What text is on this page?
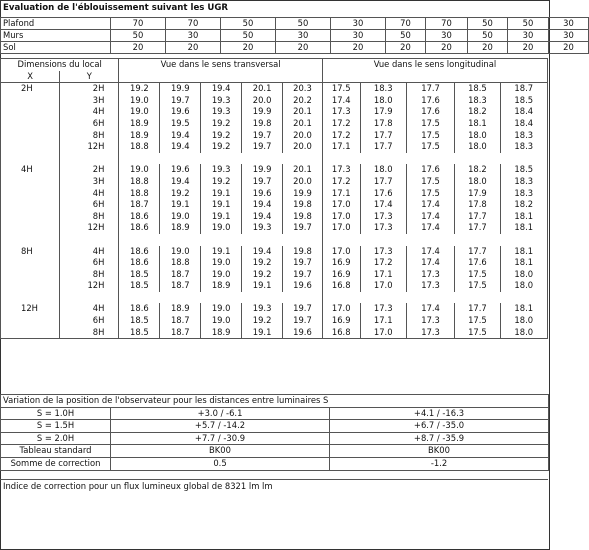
Evaluation de l'éblouissement suivant les UGR
Plafond	70	70	50	50	30	70	70	50	50	30
Murs	50	30	50	30	30	50	30	50	30	30
Sol	20	20	20	20	20	20	20	20	20	20
Dimensions du local		Vue dans le sens transversal					Vue dans le sens longitudinal				
X	Y										
2H	2H	19.2	19.9	19.4	20.1	20.3	17.5	18.3	17.7	18.5	18.7
	3H	19.0	19.7	19.3	20.0	20.2	17.4	18.0	17.6	18.3	18.5
	4H	19.0	19.6	19.3	19.9	20.1	17.3	17.9	17.6	18.2	18.4
	6H	18.9	19.5	19.2	19.8	20.1	17.2	17.8	17.5	18.1	18.4
	8H	18.9	19.4	19.2	19.7	20.0	17.2	17.7	17.5	18.0	18.3
	12H	18.8	19.4	19.2	19.7	20.0	17.1	17.7	17.5	18.0	18.3

4H	2H	19.0	19.6	19.3	19.9	20.1	17.3	18.0	17.6	18.2	18.5
	3H	18.8	19.4	19.2	19.7	20.0	17.2	17.7	17.5	18.0	18.3
	4H	18.8	19.2	19.1	19.6	19.9	17.1	17.6	17.5	17.9	18.3
	6H	18.7	19.1	19.1	19.4	19.8	17.0	17.4	17.4	17.8	18.2
	8H	18.6	19.0	19.1	19.4	19.8	17.0	17.3	17.4	17.7	18.1
	12H	18.6	18.9	19.0	19.3	19.7	17.0	17.3	17.4	17.7	18.1

8H	4H	18.6	19.0	19.1	19.4	19.8	17.0	17.3	17.4	17.7	18.1
	6H	18.6	18.8	19.0	19.2	19.7	16.9	17.2	17.4	17.6	18.1
	8H	18.5	18.7	19.0	19.2	19.7	16.9	17.1	17.3	17.5	18.0
	12H	18.5	18.7	18.9	19.1	19.6	16.8	17.0	17.3	17.5	18.0

12H	4H	18.6	18.9	19.0	19.3	19.7	17.0	17.3	17.4	17.7	18.1
	6H	18.5	18.7	19.0	19.2	19.7	16.9	17.1	17.3	17.5	18.0
	8H	18.5	18.7	18.9	19.1	19.6	16.8	17.0	17.3	17.5	18.0
Variation de la position de l'observateur pour les distances entre luminaires S		
S = 1.0H	+3.0 / -6.1	+4.1 / -16.3
S = 1.5H	+5.7 / -14.2	+6.7 / -35.0
S = 2.0H	+7.7 / -30.9	+8.7 / -35.9
Tableau standard	BK00	BK00
Somme de correction	0.5	-1.2
Indice de correction pour un flux lumineux global de 8321 lm lm
